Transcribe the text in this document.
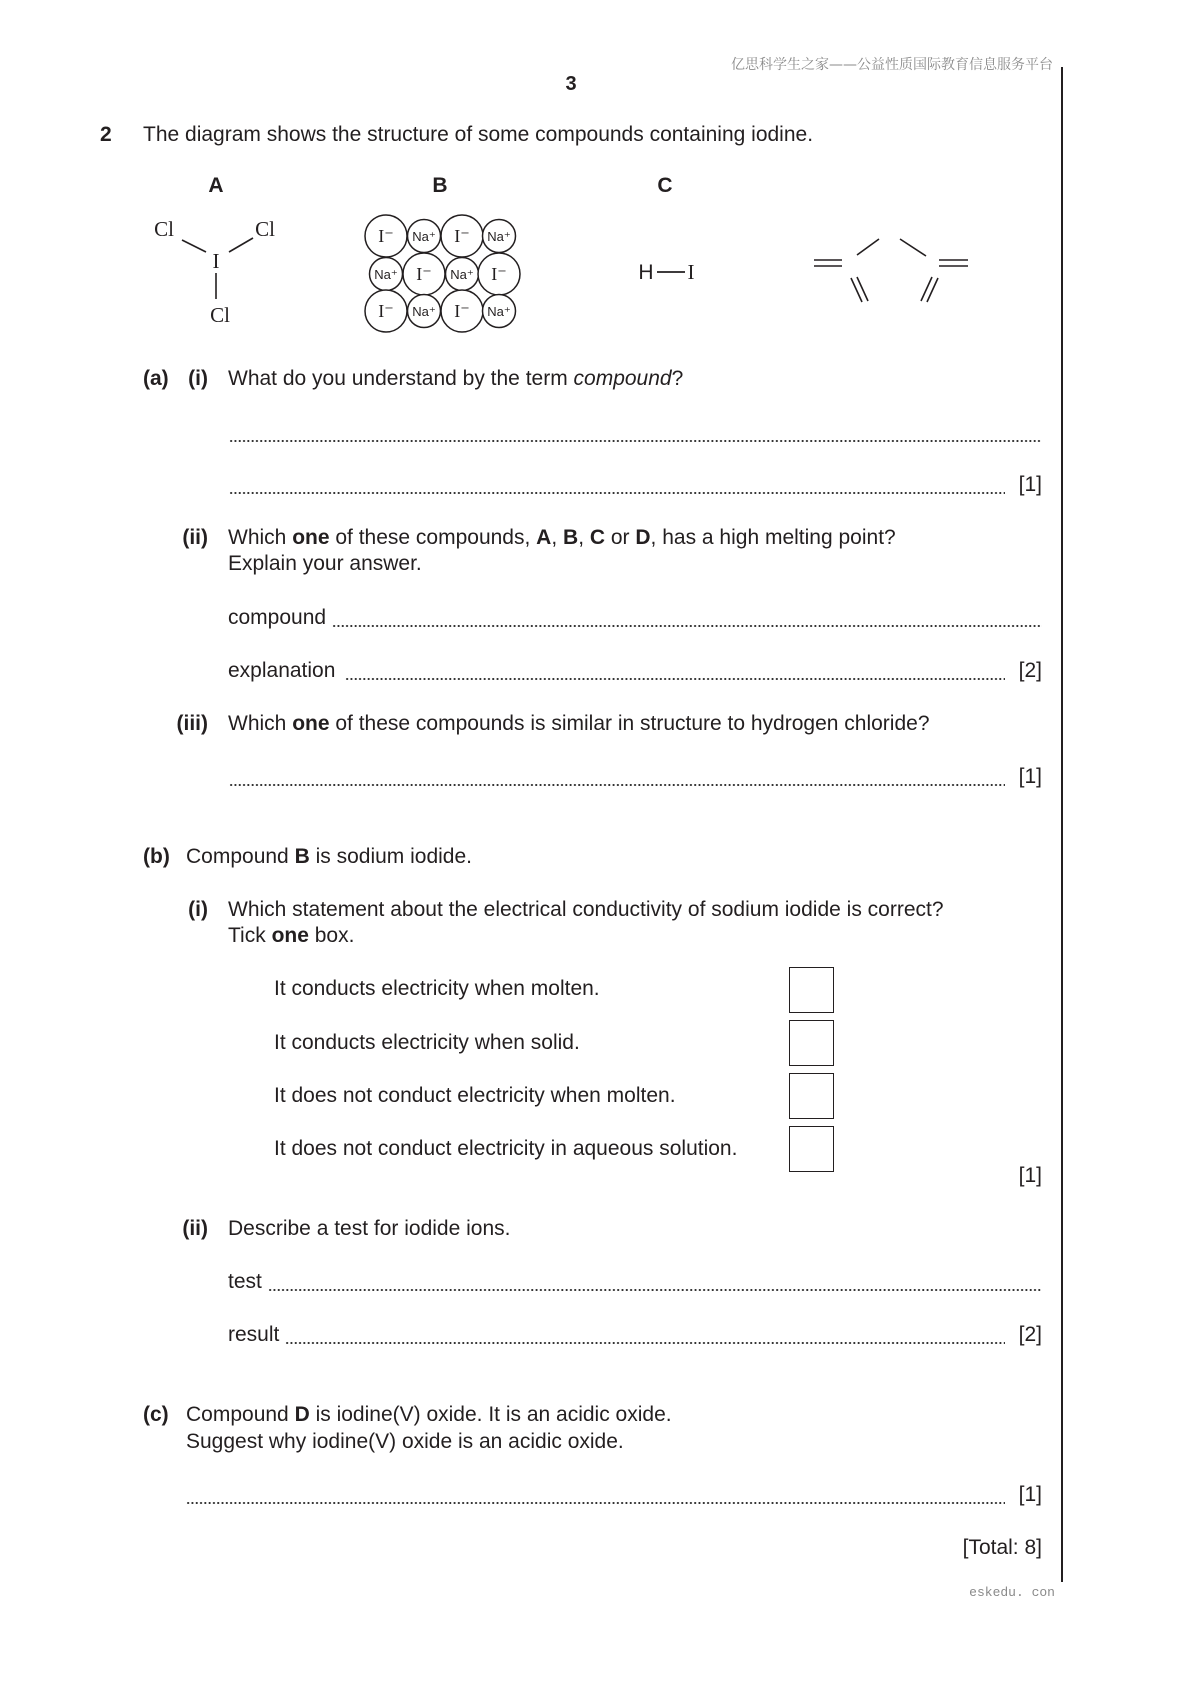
亿思科学生之家——公益性质国际教育信息服务平台
3
2 The diagram shows the structure of some compounds containing iodine.
A	B	C
Cl	Cl
I
Cl
I⁻ Na⁺ I⁻ Na⁺
Na⁺ I⁻ Na⁺ I⁻
I⁻ Na⁺ I⁻ Na⁺
H I
(a) (i) What do you understand by the term compound?
[1]
(ii) Which one of these compounds, A, B, C or D, has a high melting point?
Explain your answer.
compound
explanation	[2]
(iii) Which one of these compounds is similar in structure to hydrogen chloride?
[1]
(b) Compound B is sodium iodide.
(i) Which statement about the electrical conductivity of sodium iodide is correct?
Tick one box.
It conducts electricity when molten.
It conducts electricity when solid.
It does not conduct electricity when molten.
It does not conduct electricity in aqueous solution.
[1]
(ii) Describe a test for iodide ions.
test
result	[2]
(c) Compound D is iodine(V) oxide. It is an acidic oxide.
Suggest why iodine(V) oxide is an acidic oxide.
[1]
[Total: 8]
eskedu. con
